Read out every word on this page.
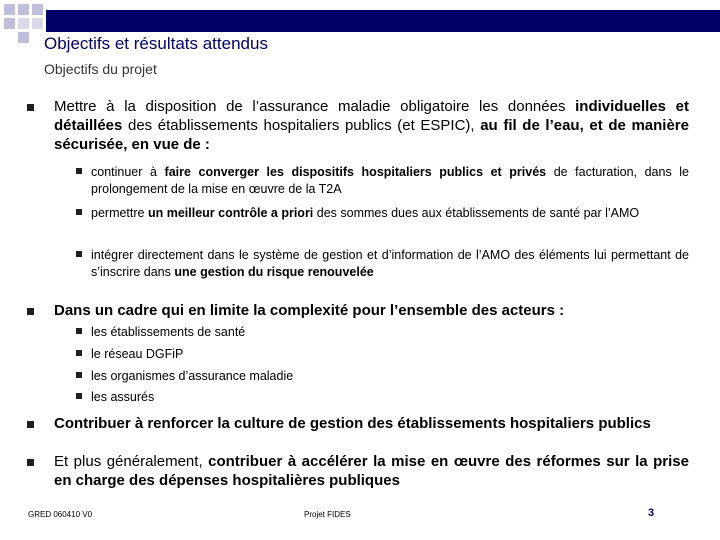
Objectifs et résultats attendus
Objectifs du projet
Mettre à la disposition de l’assurance maladie obligatoire les données individuelles et détaillées des établissements hospitaliers publics (et ESPIC), au fil de l’eau, et de manière sécurisée, en vue de :
continuer à faire converger les dispositifs hospitaliers publics et privés de facturation, dans le prolongement de la mise en œuvre de la T2A
permettre un meilleur contrôle a priori des sommes dues aux établissements de santé par l’AMO
intégrer directement dans le système de gestion et d’information de l’AMO des éléments lui permettant de s’inscrire dans une gestion du risque renouvelée
Dans un cadre qui en limite la complexité pour l’ensemble des acteurs :
les établissements de santé
le réseau DGFiP
les organismes d’assurance maladie
les assurés
Contribuer à renforcer la culture de gestion des établissements hospitaliers publics
Et plus généralement, contribuer à accélérer la mise en œuvre des réformes sur la prise en charge des dépenses hospitalières publiques
GRED 060410 V0	Projet FIDES	3
